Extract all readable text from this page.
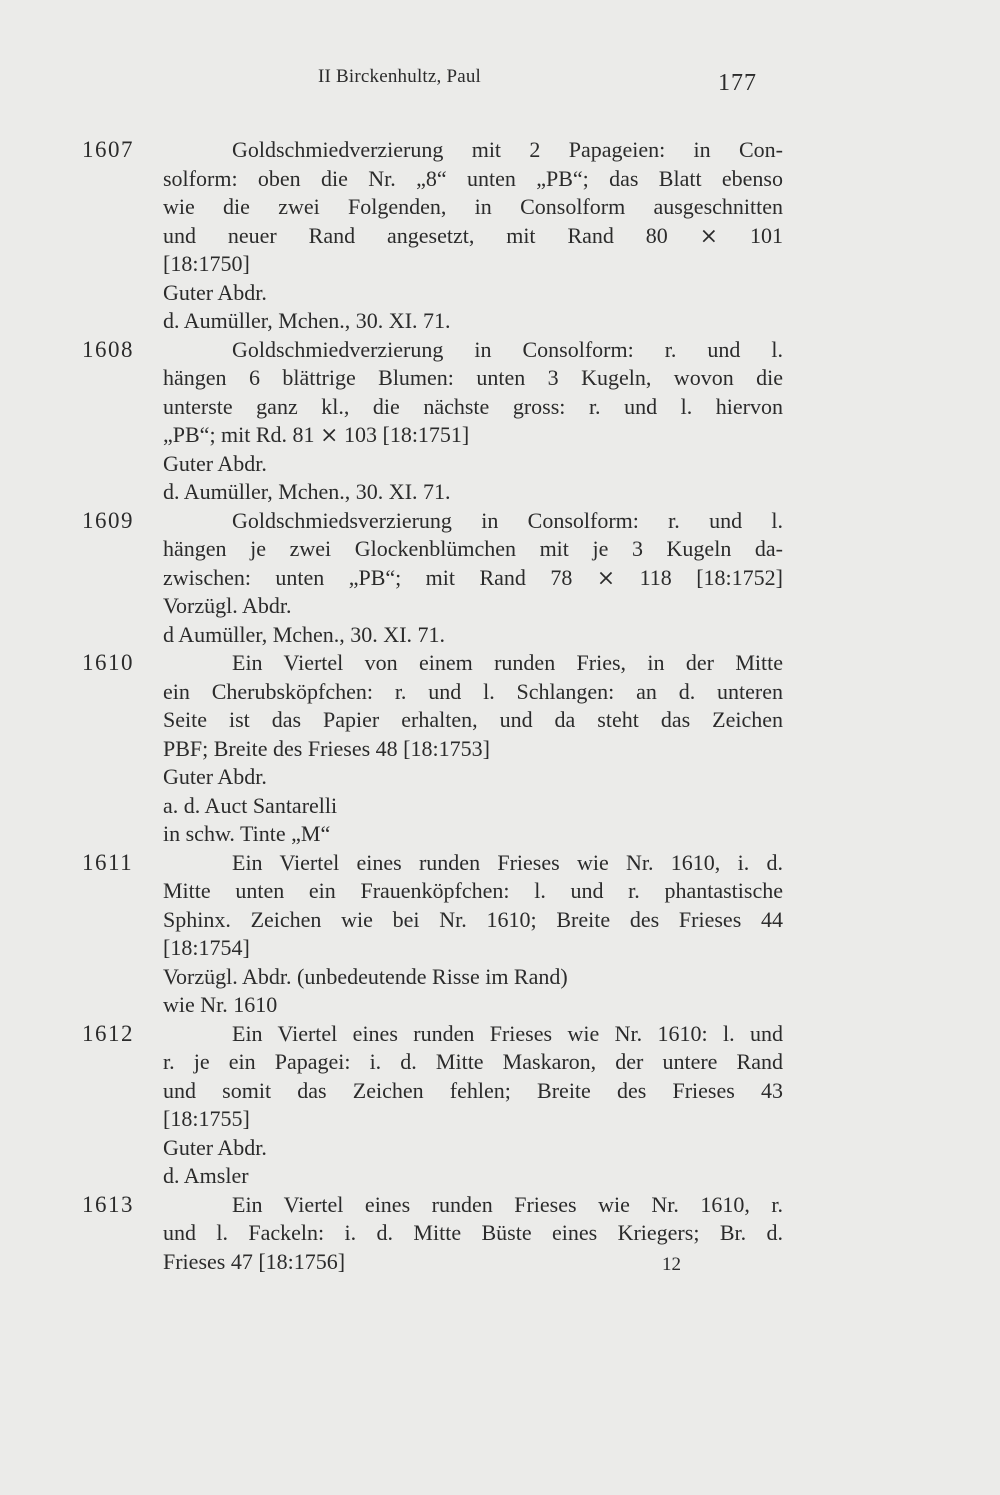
II Birckenhultz, Paul	177
1607	Goldschmiedverzierung mit 2 Papageien: in Con-
solform: oben die Nr. „8“ unten „PB“; das Blatt ebenso
wie die zwei Folgenden, in Consolform ausgeschnitten
und neuer Rand angesetzt, mit Rand 80 ⨯ 101
[18:1750]
Guter Abdr.
d. Aumüller, Mchen., 30. XI. 71.
1608	Goldschmiedverzierung in Consolform: r. und l.
hängen 6 blättrige Blumen: unten 3 Kugeln, wovon die
unterste ganz kl., die nächste gross: r. und l. hiervon
„PB“; mit Rd. 81 ⨯ 103 [18:1751]
Guter Abdr.
d. Aumüller, Mchen., 30. XI. 71.
1609	Goldschmiedsverzierung in Consolform: r. und l.
hängen je zwei Glockenblümchen mit je 3 Kugeln da-
zwischen: unten „PB“; mit Rand 78 ⨯ 118 [18:1752]
Vorzügl. Abdr.
d Aumüller, Mchen., 30. XI. 71.
1610	Ein Viertel von einem runden Fries, in der Mitte
ein Cherubsköpfchen: r. und l. Schlangen: an d. unteren
Seite ist das Papier erhalten, und da steht das Zeichen
PBF; Breite des Frieses 48 [18:1753]
Guter Abdr.
a. d. Auct Santarelli
in schw. Tinte „M“
1611	Ein Viertel eines runden Frieses wie Nr. 1610, i. d.
Mitte unten ein Frauenköpfchen: l. und r. phantastische
Sphinx. Zeichen wie bei Nr. 1610; Breite des Frieses 44
[18:1754]
Vorzügl. Abdr. (unbedeutende Risse im Rand)
wie Nr. 1610
1612	Ein Viertel eines runden Frieses wie Nr. 1610: l. und
r. je ein Papagei: i. d. Mitte Maskaron, der untere Rand
und somit das Zeichen fehlen; Breite des Frieses 43
[18:1755]
Guter Abdr.
d. Amsler
1613	Ein Viertel eines runden Frieses wie Nr. 1610, r.
und l. Fackeln: i. d. Mitte Büste eines Kriegers; Br. d.
Frieses 47 [18:1756]	12
